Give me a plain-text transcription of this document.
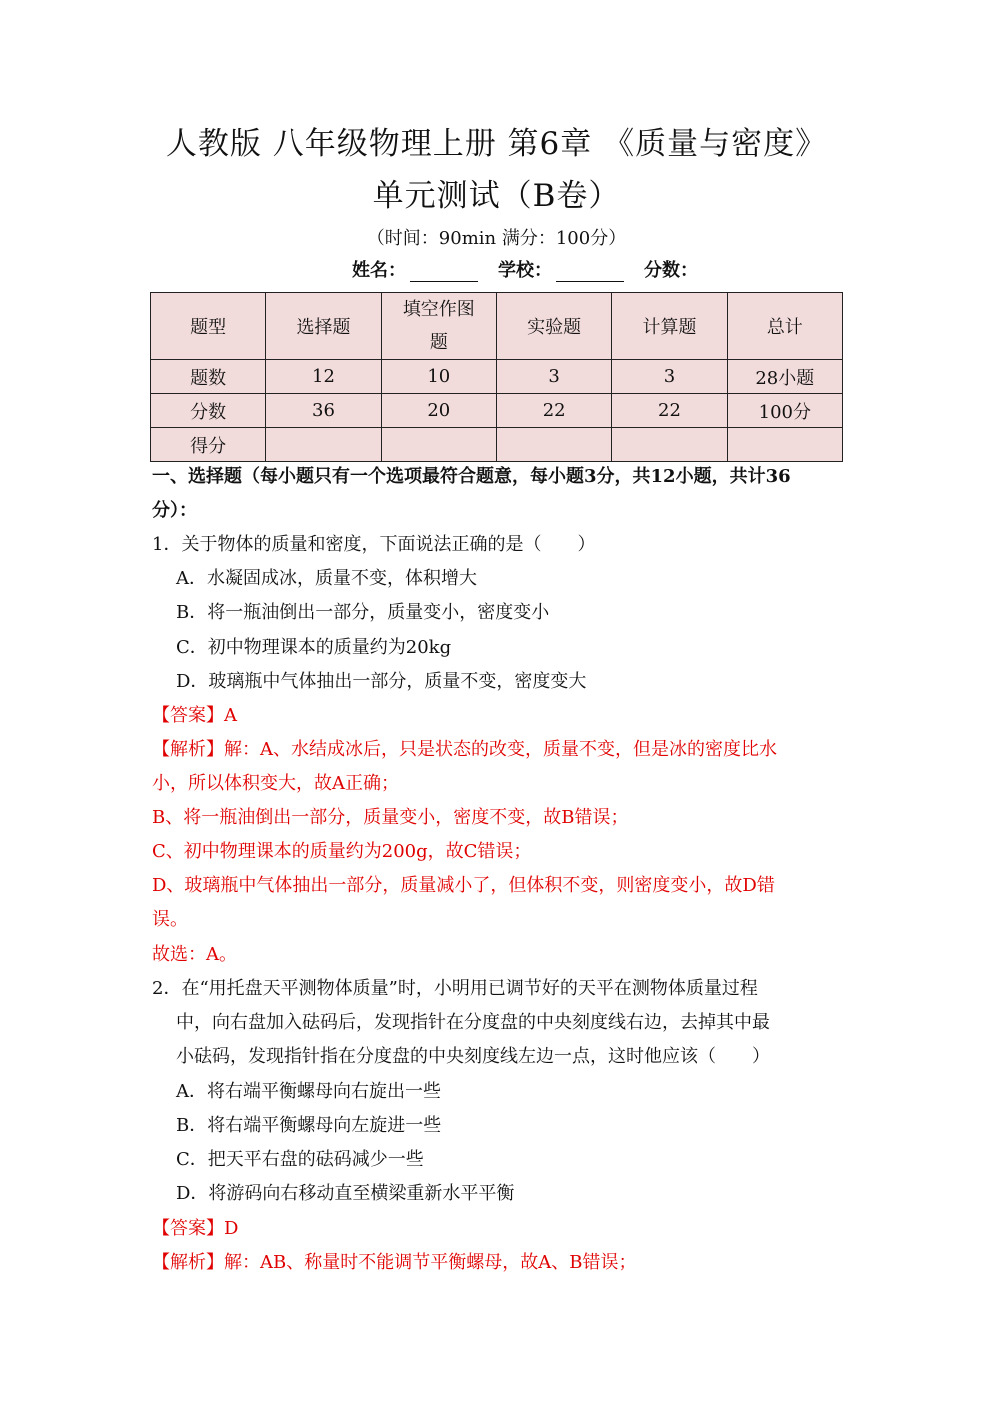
人教版 八年级物理上册 第6章 《质量与密度》
单元测试（B卷）
（时间：90min 满分：100分）
姓名：	学校：	分数：
题型	选择题	填空作图题	实验题	计算题	总计
题数	12	10	3	3	28小题
分数	36	20	22	22	100分
得分					
一、选择题（每小题只有一个选项最符合题意，每小题3分，共12小题，共计36
分）：
1．关于物体的质量和密度，下面说法正确的是（　　）
A．水凝固成冰，质量不变，体积增大
B．将一瓶油倒出一部分，质量变小，密度变小
C．初中物理课本的质量约为20kg
D．玻璃瓶中气体抽出一部分，质量不变，密度变大
【答案】A
【解析】解：A、水结成冰后，只是状态的改变，质量不变，但是冰的密度比水
小，所以体积变大，故A正确；
B、将一瓶油倒出一部分，质量变小，密度不变，故B错误；
C、初中物理课本的质量约为200g，故C错误；
D、玻璃瓶中气体抽出一部分，质量减小了，但体积不变，则密度变小，故D错
误。
故选：A。
2．在“用托盘天平测物体质量”时，小明用已调节好的天平在测物体质量过程
中，向右盘加入砝码后，发现指针在分度盘的中央刻度线右边，去掉其中最
小砝码，发现指针指在分度盘的中央刻度线左边一点，这时他应该（　　）
A．将右端平衡螺母向右旋出一些
B．将右端平衡螺母向左旋进一些
C．把天平右盘的砝码减少一些
D．将游码向右移动直至横梁重新水平平衡
【答案】D
【解析】解：AB、称量时不能调节平衡螺母，故A、B错误；
